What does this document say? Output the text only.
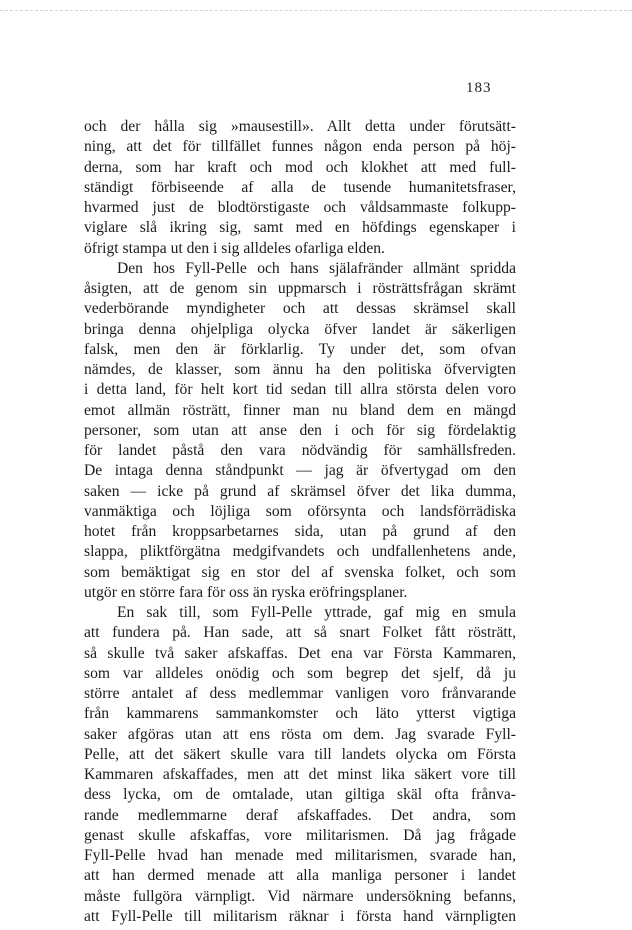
183
och der hålla sig »mausestill». Allt detta under förutsätt-
ning, att det för tillfället funnes någon enda person på höj-
derna, som har kraft och mod och klokhet att med full-
ständigt förbiseende af alla de tusende humanitetsfraser,
hvarmed just de blodtörstigaste och våldsammaste folkupp-
viglare slå ikring sig, samt med en höfdings egenskaper i
öfrigt stampa ut den i sig alldeles ofarliga elden.
Den hos Fyll-Pelle och hans själafränder allmänt spridda
åsigten, att de genom sin uppmarsch i rösträttsfrågan skrämt
vederbörande myndigheter och att dessas skrämsel skall
bringa denna ohjelpliga olycka öfver landet är säkerligen
falsk, men den är förklarlig. Ty under det, som ofvan
nämdes, de klasser, som ännu ha den politiska öfvervigten
i detta land, för helt kort tid sedan till allra största delen voro
emot allmän rösträtt, finner man nu bland dem en mängd
personer, som utan att anse den i och för sig fördelaktig
för landet påstå den vara nödvändig för samhällsfreden.
De intaga denna ståndpunkt — jag är öfvertygad om den
saken — icke på grund af skrämsel öfver det lika dumma,
vanmäktiga och löjliga som oförsynta och landsförrädiska
hotet från kroppsarbetarnes sida, utan på grund af den
slappa, pliktförgätna medgifvandets och undfallenhetens ande,
som bemäktigat sig en stor del af svenska folket, och som
utgör en större fara för oss än ryska eröfringsplaner.
En sak till, som Fyll-Pelle yttrade, gaf mig en smula
att fundera på. Han sade, att så snart Folket fått rösträtt,
så skulle två saker afskaffas. Det ena var Första Kammaren,
som var alldeles onödig och som begrep det sjelf, då ju
större antalet af dess medlemmar vanligen voro frånvarande
från kammarens sammankomster och läto ytterst vigtiga
saker afgöras utan att ens rösta om dem. Jag svarade Fyll-
Pelle, att det säkert skulle vara till landets olycka om Första
Kammaren afskaffades, men att det minst lika säkert vore till
dess lycka, om de omtalade, utan giltiga skäl ofta frånva-
rande medlemmarne deraf afskaffades. Det andra, som
genast skulle afskaffas, vore militarismen. Då jag frågade
Fyll-Pelle hvad han menade med militarismen, svarade han,
att han dermed menade att alla manliga personer i landet
måste fullgöra värnpligt. Vid närmare undersökning befanns,
att Fyll-Pelle till militarism räknar i första hand värnpligten
